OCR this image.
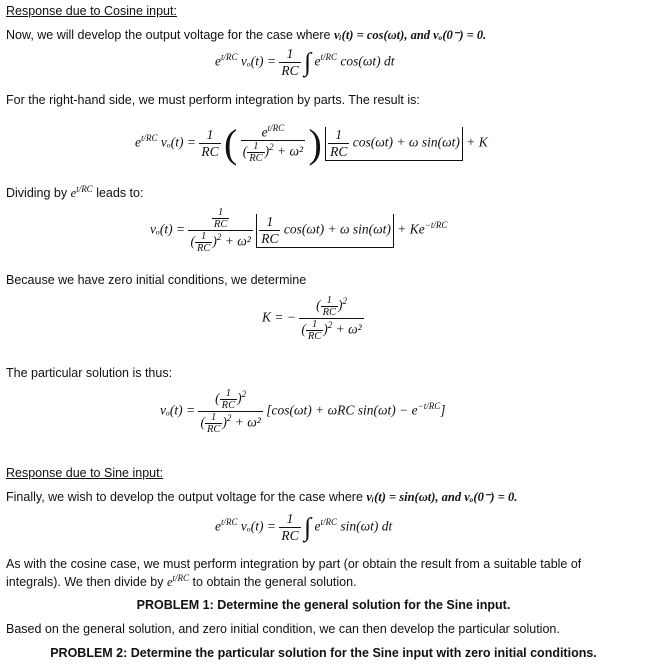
Response due to Cosine input:
Now, we will develop the output voltage for the case where vᵢ(t) = cos(ωt), and vₒ(0⁻) = 0.
$e^{t/RC}$ $v_o(t) = \frac{1}{RC}$ ∫ $e^{t/RC}$ cos(ωt) dt
For the right-hand side, we must perform integration by parts. The result is:
$e^{t/RC}$ $v_o(t) = \frac{1}{RC}$ ( $\frac{e^{t/RC}}{( \frac{1}{RC} )^2 + \omega^2}$ ) $\frac{1}{RC} \cos(\omega t) + \omega$ sin(ωt) + K
Dividing by $e^{t/RC}$ leads to:
$v_o(t) = \frac{\frac{1}{RC}}{( \frac{1}{RC} )^2 + \omega^2}$
$\frac{1}{RC} \cos(\omega t) + \omega$ $\sin(\omega t) + Ke^{-t/RC}$
Because we have zero initial conditions, we determine
K = − $\frac{( \frac{1}{RC} )^2}{( \frac{1}{RC} )^2 + \omega^2}$
The particular solution is thus:
$v_o(t) = \frac{( \frac{1}{RC} )^2}{( \frac{1}{RC} )^2 + \omega^2} [\cos(\omega t) + \omega RC$ $\sin(\omega t) - e^{-t/RC}$]
Response due to Sine input:
Finally, we wish to develop the output voltage for the case where vᵢ(t) = sin(ωt), and vₒ(0⁻) = 0.
$e^{t/RC}$ $v_o(t) = \frac{1}{RC}$ ∫ $e^{t/RC}$ sin(ωt) dt
As with the cosine case, we must perform integration by part (or obtain the result from a suitable table of
integrals). We then divide by $e^{t/RC}$ to obtain the general solution.
PROBLEM 1: Determine the general solution for the Sine input.
Based on the general solution, and zero initial condition, we can then develop the particular solution.
PROBLEM 2: Determine the particular solution for the Sine input with zero initial conditions.
